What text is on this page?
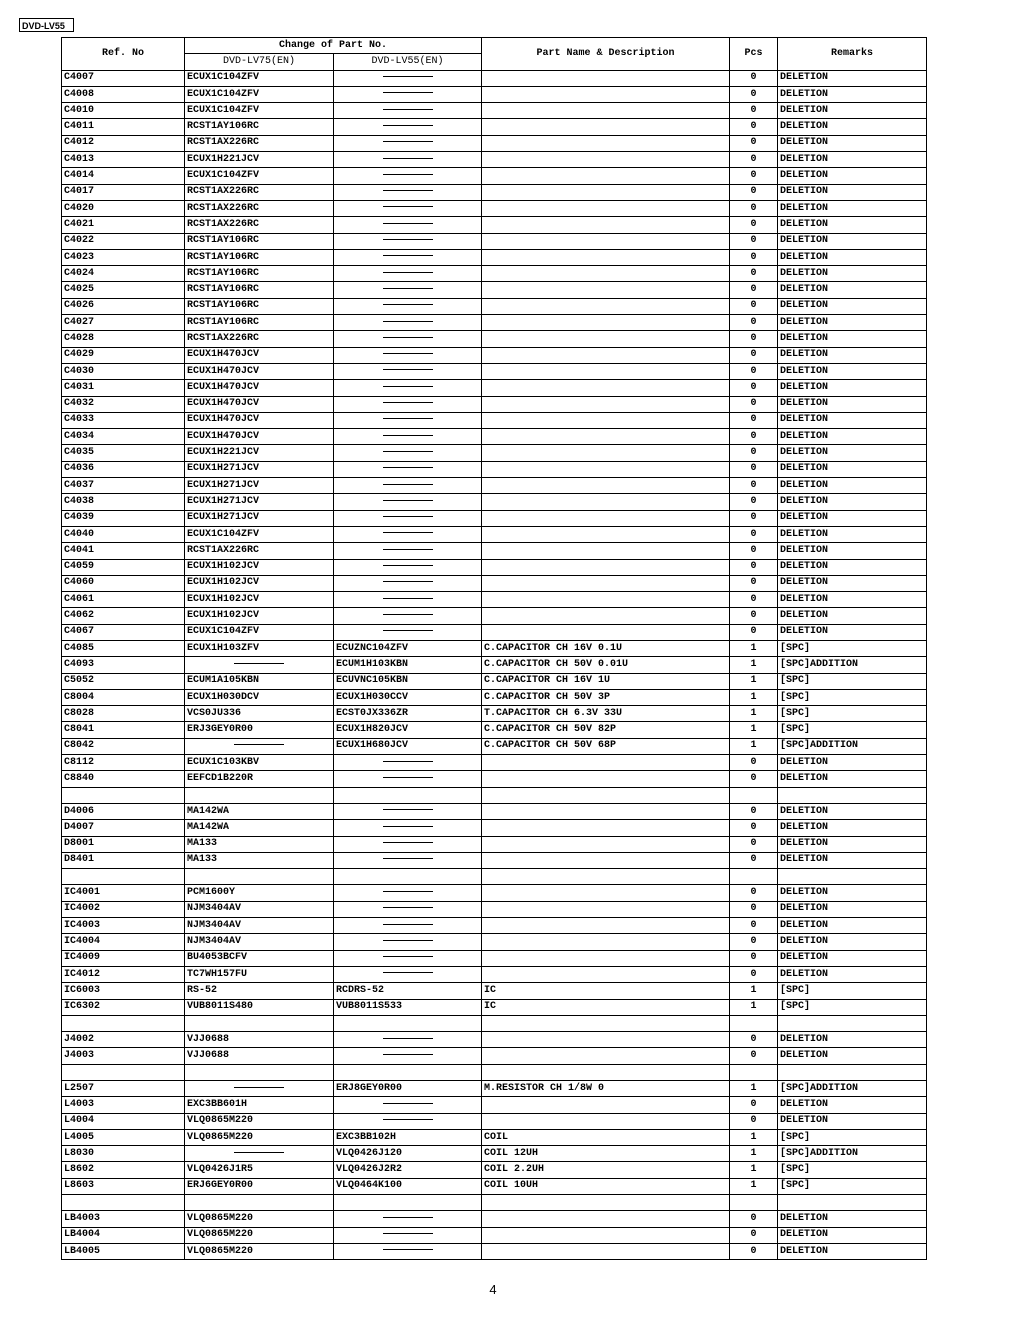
DVD-LV55
Ref. No	Change of Part No.		Part Name & Description	Pcs	Remarks
	DVD-LV75(EN)	DVD-LV55(EN)			
C4007	ECUX1C104ZFV			0	DELETION
C4008	ECUX1C104ZFV			0	DELETION
C4010	ECUX1C104ZFV			0	DELETION
C4011	RCST1AY106RC			0	DELETION
C4012	RCST1AX226RC			0	DELETION
C4013	ECUX1H221JCV			0	DELETION
C4014	ECUX1C104ZFV			0	DELETION
C4017	RCST1AX226RC			0	DELETION
C4020	RCST1AX226RC			0	DELETION
C4021	RCST1AX226RC			0	DELETION
C4022	RCST1AY106RC			0	DELETION
C4023	RCST1AY106RC			0	DELETION
C4024	RCST1AY106RC			0	DELETION
C4025	RCST1AY106RC			0	DELETION
C4026	RCST1AY106RC			0	DELETION
C4027	RCST1AY106RC			0	DELETION
C4028	RCST1AX226RC			0	DELETION
C4029	ECUX1H470JCV			0	DELETION
C4030	ECUX1H470JCV			0	DELETION
C4031	ECUX1H470JCV			0	DELETION
C4032	ECUX1H470JCV			0	DELETION
C4033	ECUX1H470JCV			0	DELETION
C4034	ECUX1H470JCV			0	DELETION
C4035	ECUX1H221JCV			0	DELETION
C4036	ECUX1H271JCV			0	DELETION
C4037	ECUX1H271JCV			0	DELETION
C4038	ECUX1H271JCV			0	DELETION
C4039	ECUX1H271JCV			0	DELETION
C4040	ECUX1C104ZFV			0	DELETION
C4041	RCST1AX226RC			0	DELETION
C4059	ECUX1H102JCV			0	DELETION
C4060	ECUX1H102JCV			0	DELETION
C4061	ECUX1H102JCV			0	DELETION
C4062	ECUX1H102JCV			0	DELETION
C4067	ECUX1C104ZFV			0	DELETION
C4085	ECUX1H103ZFV	ECUZNC104ZFV	C.CAPACITOR CH 16V 0.1U	1	[SPC]
C4093		ECUM1H103KBN	C.CAPACITOR CH 50V 0.01U	1	[SPC]ADDITION
C5052	ECUM1A105KBN	ECUVNC105KBN	C.CAPACITOR CH 16V 1U	1	[SPC]
C8004	ECUX1H030DCV	ECUX1H030CCV	C.CAPACITOR CH 50V 3P	1	[SPC]
C8028	VCS0JU336	ECST0JX336ZR	T.CAPACITOR CH 6.3V 33U	1	[SPC]
C8041	ERJ3GEY0R00	ECUX1H820JCV	C.CAPACITOR CH 50V 82P	1	[SPC]
C8042		ECUX1H680JCV	C.CAPACITOR CH 50V 68P	1	[SPC]ADDITION
C8112	ECUX1C103KBV			0	DELETION
C8840	EEFCD1B220R			0	DELETION

D4006	MA142WA			0	DELETION
D4007	MA142WA			0	DELETION
D8001	MA133			0	DELETION
D8401	MA133			0	DELETION

IC4001	PCM1600Y			0	DELETION
IC4002	NJM3404AV			0	DELETION
IC4003	NJM3404AV			0	DELETION
IC4004	NJM3404AV			0	DELETION
IC4009	BU4053BCFV			0	DELETION
IC4012	TC7WH157FU			0	DELETION
IC6003	RS-52	RCDRS-52	IC	1	[SPC]
IC6302	VUB8011S480	VUB8011S533	IC	1	[SPC]

J4002	VJJ0688			0	DELETION
J4003	VJJ0688			0	DELETION

L2507		ERJ8GEY0R00	M.RESISTOR CH 1/8W 0	1	[SPC]ADDITION
L4003	EXC3BB601H			0	DELETION
L4004	VLQ0865M220			0	DELETION
L4005	VLQ0865M220	EXC3BB102H	COIL	1	[SPC]
L8030		VLQ0426J120	COIL 12UH	1	[SPC]ADDITION
L8602	VLQ0426J1R5	VLQ0426J2R2	COIL 2.2UH	1	[SPC]
L8603	ERJ6GEY0R00	VLQ0464K100	COIL 10UH	1	[SPC]

LB4003	VLQ0865M220			0	DELETION
LB4004	VLQ0865M220			0	DELETION
LB4005	VLQ0865M220			0	DELETION
4
